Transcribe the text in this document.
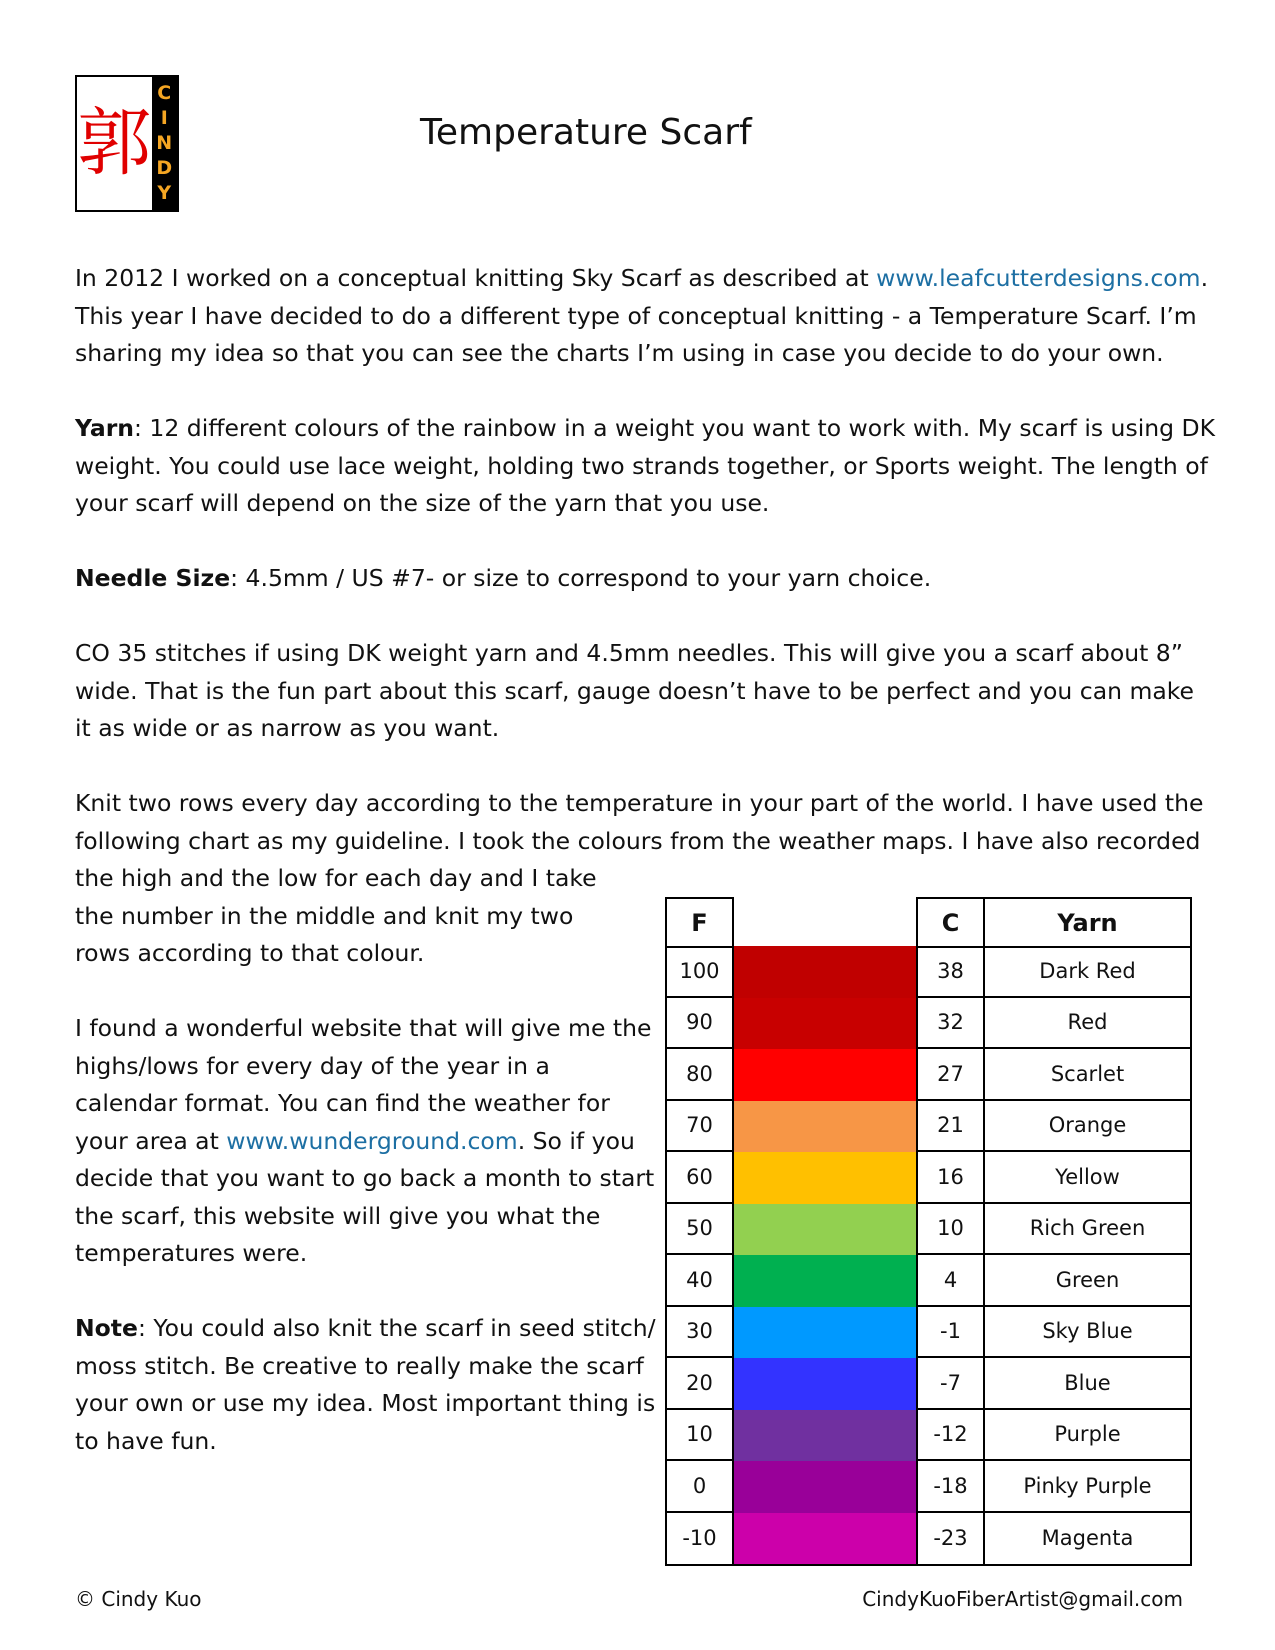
郭
C
I
N
D
Y
Temperature Scarf

In 2012 I worked on a conceptual knitting Sky Scarf as described at www.leafcutterdesigns.com. This year I have decided to do a different type of conceptual knitting - a Temperature Scarf. I’m sharing my idea so that you can see the charts I’m using in case you decide to do your own.

Yarn: 12 different colours of the rainbow in a weight you want to work with. My scarf is using DK weight. You could use lace weight, holding two strands together, or Sports weight. The length of your scarf will depend on the size of the yarn that you use.

Needle Size: 4.5mm / US #7- or size to correspond to your yarn choice.

CO 35 stitches if using DK weight yarn and 4.5mm needles. This will give you a scarf about 8” wide. That is the fun part about this scarf, gauge doesn’t have to be perfect and you can make it as wide or as narrow as you want.

Knit two rows every day according to the temperature in your part of the world. I have used the following chart as my guideline. I took the colours from the weather maps. I have also recorded

the high and the low for each day and I take the number in the middle and knit my two rows according to that colour.

I found a wonderful website that will give me the highs/lows for every day of the year in a calendar format. You can find the weather for your area at www.wunderground.com. So if you decide that you want to go back a month to start the scarf, this website will give you what the temperatures were.

Note: You could also knit the scarf in seed stitch/ moss stitch. Be creative to really make the scarf your own or use my idea. Most important thing is to have fun.

F	C	Yarn
100	38	Dark Red
90	32	Red
80	27	Scarlet
70	21	Orange
60	16	Yellow
50	10	Rich Green
40	4	Green
30	-1	Sky Blue
20	-7	Blue
10	-12	Purple
0	-18	Pinky Purple
-10	-23	Magenta
© Cindy Kuo	CindyKuoFiberArtist@gmail.com
